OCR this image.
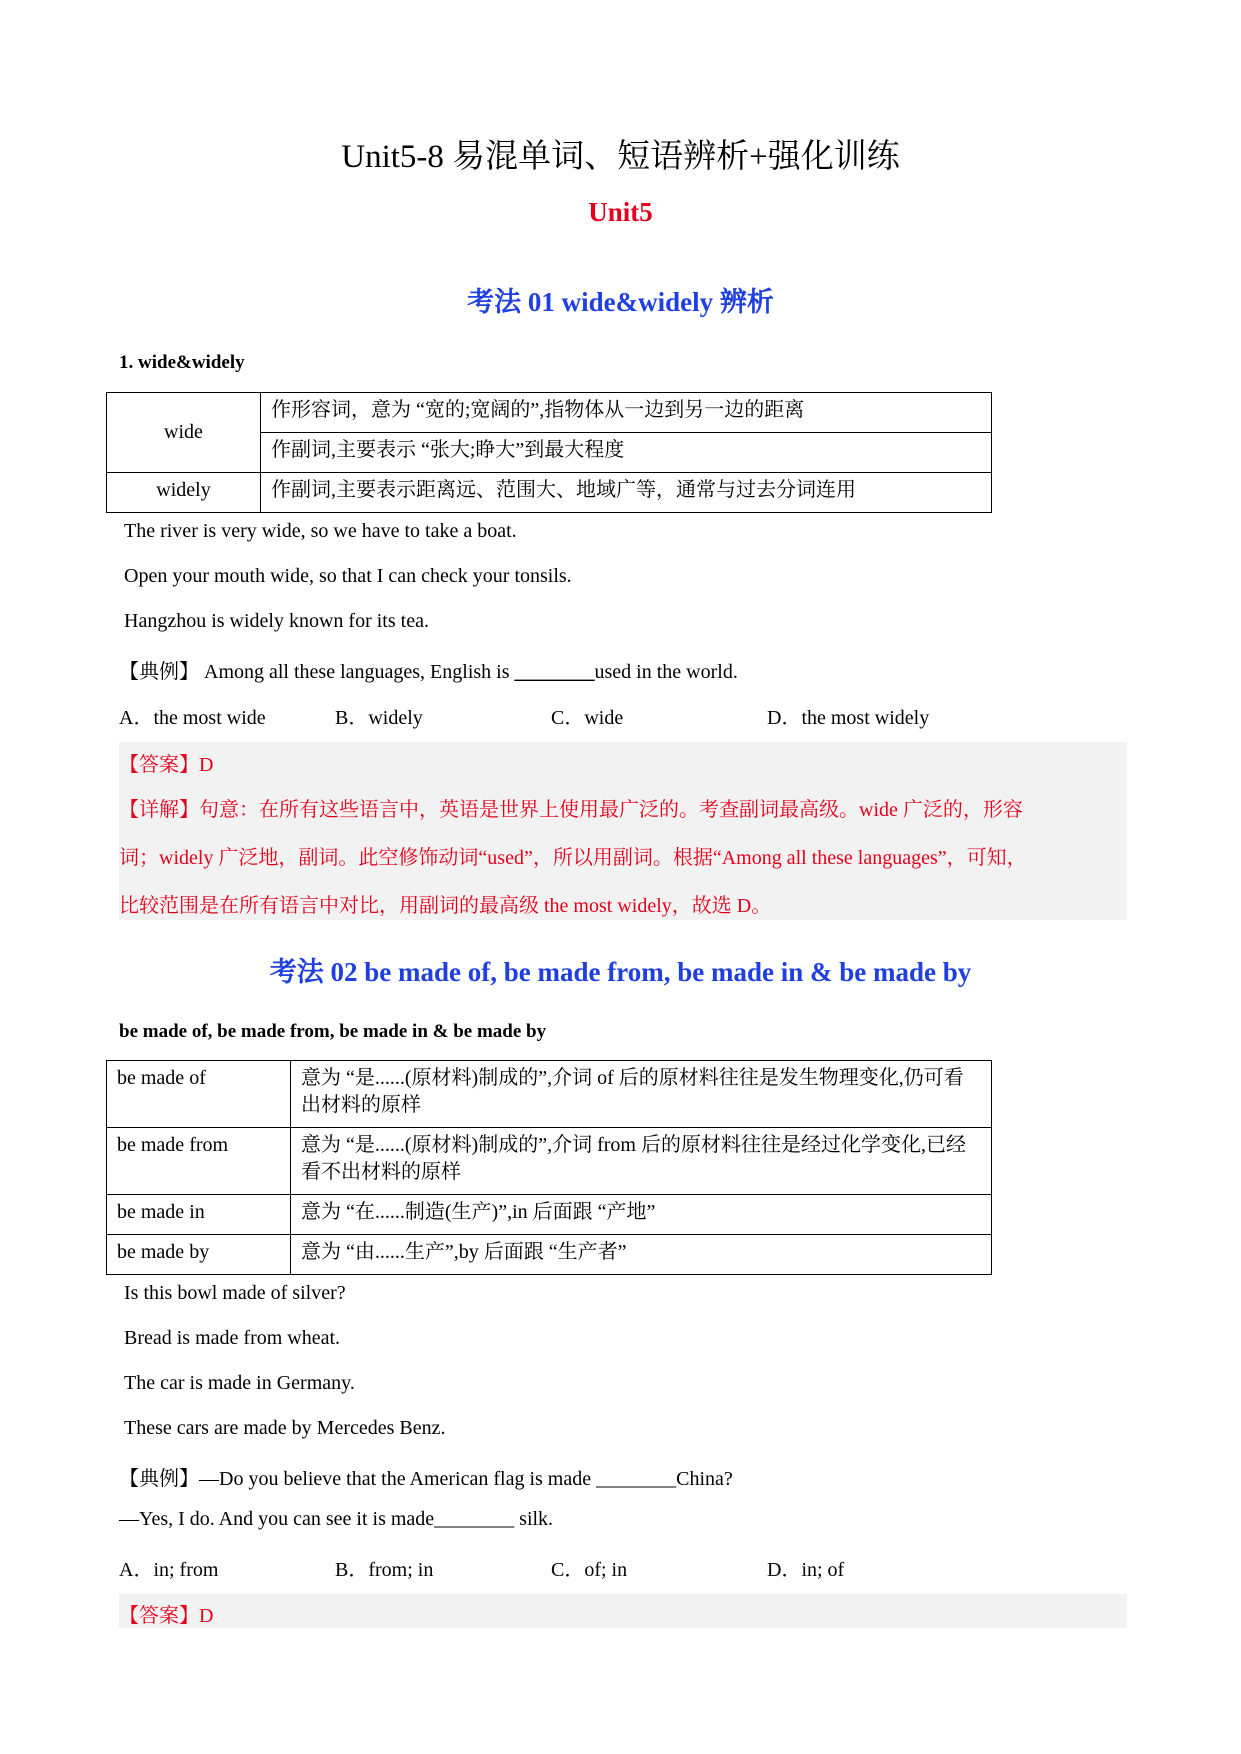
Unit5-8 易混单词、短语辨析+强化训练
Unit5
考法 01 wide&widely 辨析
1. wide&widely
wide	作形容词，意为 “宽的;宽阔的”,指物体从一边到另一边的距离
	作副词,主要表示 “张大;睁大”到最大程度
widely	作副词,主要表示距离远、范围大、地域广等，通常与过去分词连用
The river is very wide, so we have to take a boat.
Open your mouth wide, so that I can check your tonsils.
Hangzhou is widely known for its tea.
【典例】 Among all these languages, English is ________used in the world.
A．the most wide	B．widely	C．wide	D．the most widely
【答案】D
【详解】句意：在所有这些语言中，英语是世界上使用最广泛的。考查副词最高级。wide 广泛的，形容
词；widely 广泛地，副词。此空修饰动词“used”，所以用副词。根据“Among all these languages”，可知，
比较范围是在所有语言中对比，用副词的最高级 the most widely，故选 D。
考法 02 be made of, be made from, be made in & be made by
be made of, be made from, be made in & be made by
be made of	意为 “是......(原材料)制成的”,介词 of 后的原材料往往是发生物理变化,仍可看出材料的原样
be made from	意为 “是......(原材料)制成的”,介词 from 后的原材料往往是经过化学变化,已经看不出材料的原样
be made in	意为 “在......制造(生产)”,in 后面跟 “产地”
be made by	意为 “由......生产”,by 后面跟 “生产者”
Is this bowl made of silver?
Bread is made from wheat.
The car is made in Germany.
These cars are made by Mercedes Benz.
【典例】—Do you believe that the American flag is made ________China?
—Yes, I do. And you can see it is made________ silk.
A．in; from	B．from; in	C．of; in	D．in; of
【答案】D
